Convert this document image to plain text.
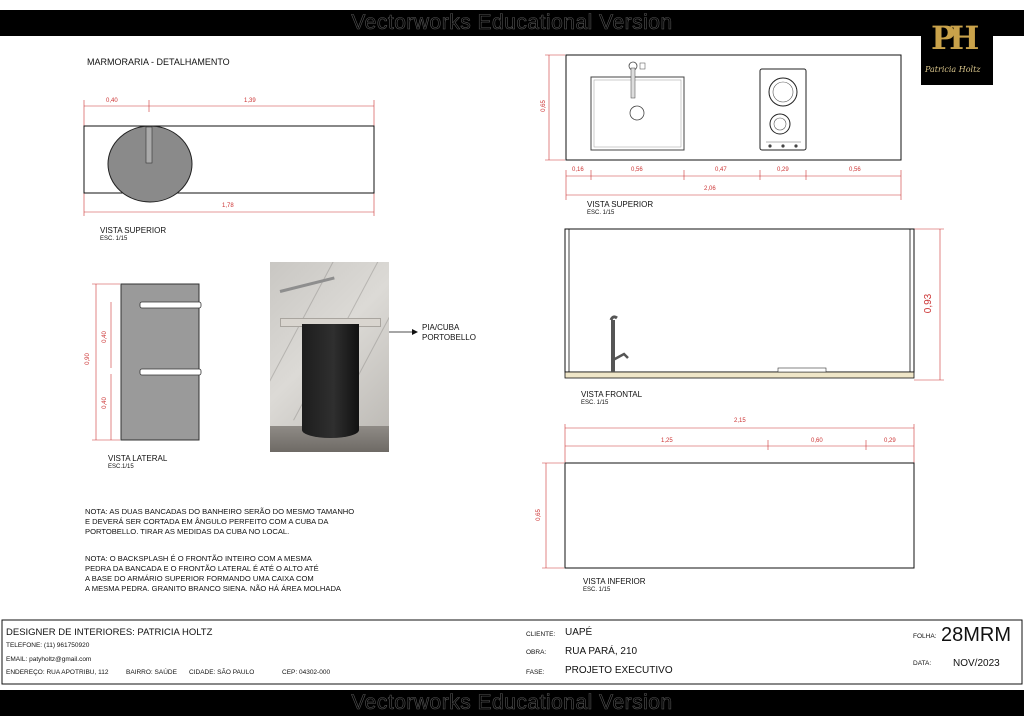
Vectorworks Educational Version
MARMORARIA - DETALHAMENTO
PH
Patricia Holtz
0,40	1,39
1,78
0,90
0,40
0,40
0,65
0,16	0,56	0,47	0,29	0,56
2,06
0,93
2,15
1,25	0,60	0,29
0,65
VISTA SUPERIOR
ESC. 1/15
VISTA LATERAL
ESC.1/15
VISTA SUPERIOR
ESC. 1/15
VISTA FRONTAL
ESC. 1/15
VISTA INFERIOR
ESC. 1/15
PIA/CUBA
PORTOBELLO
NOTA: AS DUAS BANCADAS DO BANHEIRO SERÃO DO MESMO TAMANHO
E DEVERÁ SER CORTADA EM ÂNGULO PERFEITO COM A CUBA DA
PORTOBELLO. TIRAR AS MEDIDAS DA CUBA NO LOCAL.
NOTA: O BACKSPLASH É O FRONTÃO INTEIRO COM A MESMA
PEDRA DA BANCADA E O FRONTÃO LATERAL É ATÉ O ALTO ATÉ
A BASE DO ARMÁRIO SUPERIOR FORMANDO UMA CAIXA COM
A MESMA PEDRA. GRANITO BRANCO SIENA. NÃO HÁ ÁREA MOLHADA
DESIGNER DE INTERIORES: PATRICIA HOLTZ
TELEFONE: (11) 961750920
EMAIL: patyholtz@gmail.com
ENDEREÇO: RUA APOTRIBU, 112	BAIRRO: SAÚDE CIDADE: SÃO PAULO	CEP: 04302-000
CLIENTE: UAPÉ
OBRA: RUA PARÁ, 210
FASE: PROJETO EXECUTIVO
FOLHA: 28MRM
DATA: NOV/2023
Vectorworks Educational Version
